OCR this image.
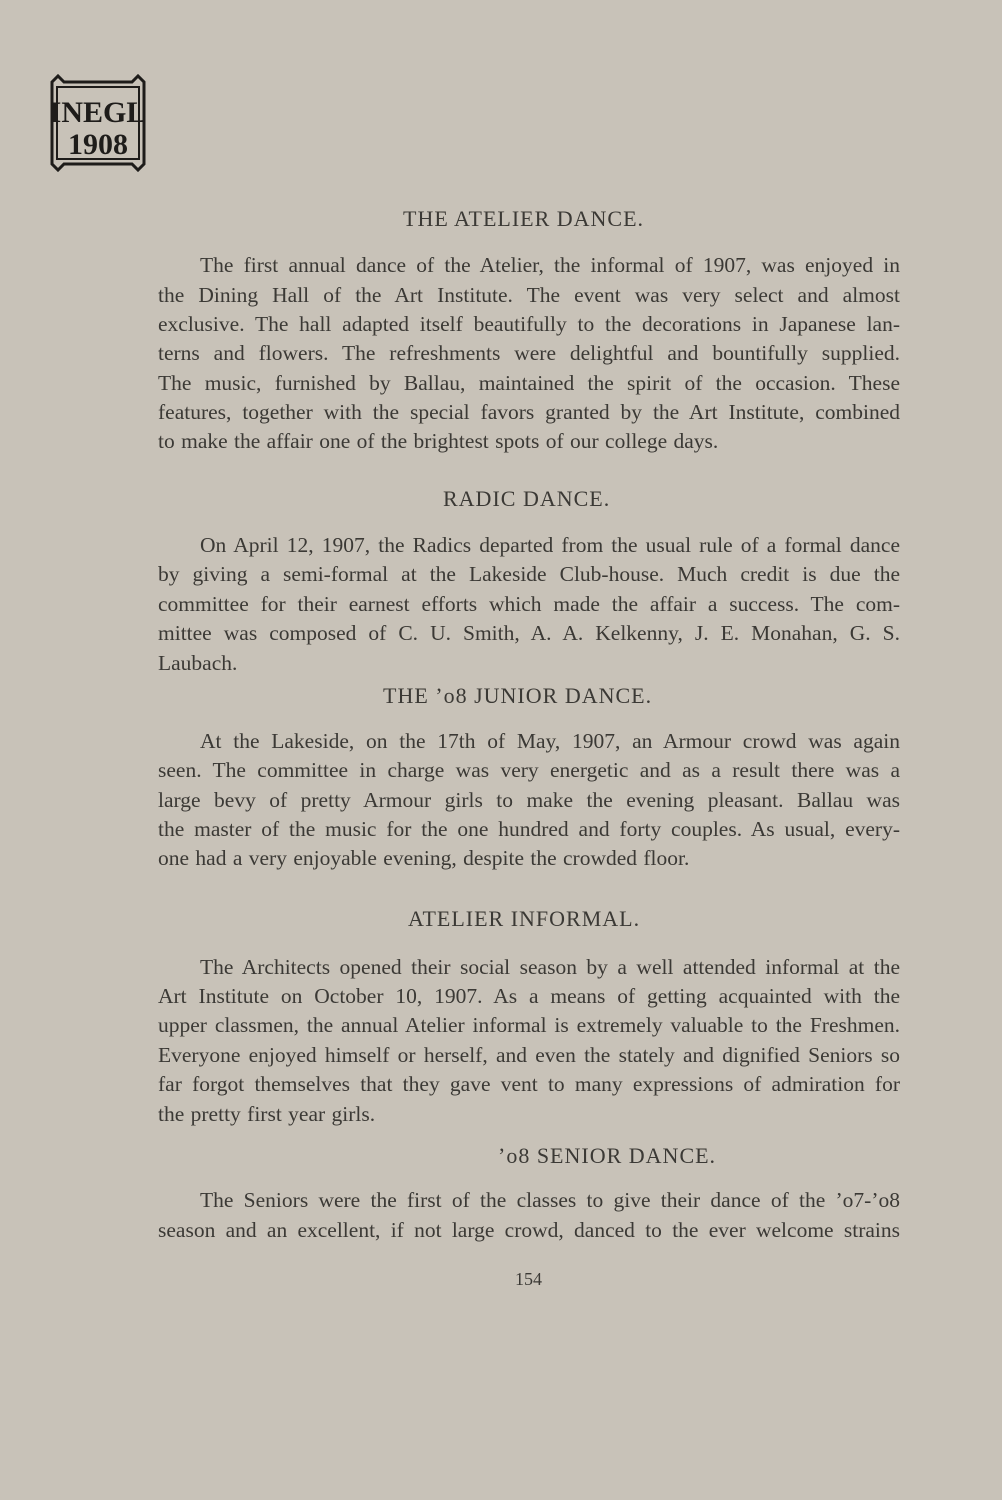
INEGL
1908
THE ATELIER DANCE.
The first annual dance of the Atelier, the informal of 1907, was enjoyed in
the Dining Hall of the Art Institute. The event was very select and almost
exclusive. The hall adapted itself beautifully to the decorations in Japanese lan-
terns and flowers. The refreshments were delightful and bountifully supplied.
The music, furnished by Ballau, maintained the spirit of the occasion. These
features, together with the special favors granted by the Art Institute, combined
to make the affair one of the brightest spots of our college days.
RADIC DANCE.
On April 12, 1907, the Radics departed from the usual rule of a formal dance
by giving a semi-formal at the Lakeside Club-house. Much credit is due the
committee for their earnest efforts which made the affair a success. The com-
mittee was composed of C. U. Smith, A. A. Kelkenny, J. E. Monahan, G. S.
Laubach.
THE ’o8 JUNIOR DANCE.
At the Lakeside, on the 17th of May, 1907, an Armour crowd was again
seen. The committee in charge was very energetic and as a result there was a
large bevy of pretty Armour girls to make the evening pleasant. Ballau was
the master of the music for the one hundred and forty couples. As usual, every-
one had a very enjoyable evening, despite the crowded floor.
ATELIER INFORMAL.
The Architects opened their social season by a well attended informal at the
Art Institute on October 10, 1907. As a means of getting acquainted with the
upper classmen, the annual Atelier informal is extremely valuable to the Freshmen.
Everyone enjoyed himself or herself, and even the stately and dignified Seniors so
far forgot themselves that they gave vent to many expressions of admiration for
the pretty first year girls.
’o8 SENIOR DANCE.
The Seniors were the first of the classes to give their dance of the ’o7-’o8
season and an excellent, if not large crowd, danced to the ever welcome strains
154
